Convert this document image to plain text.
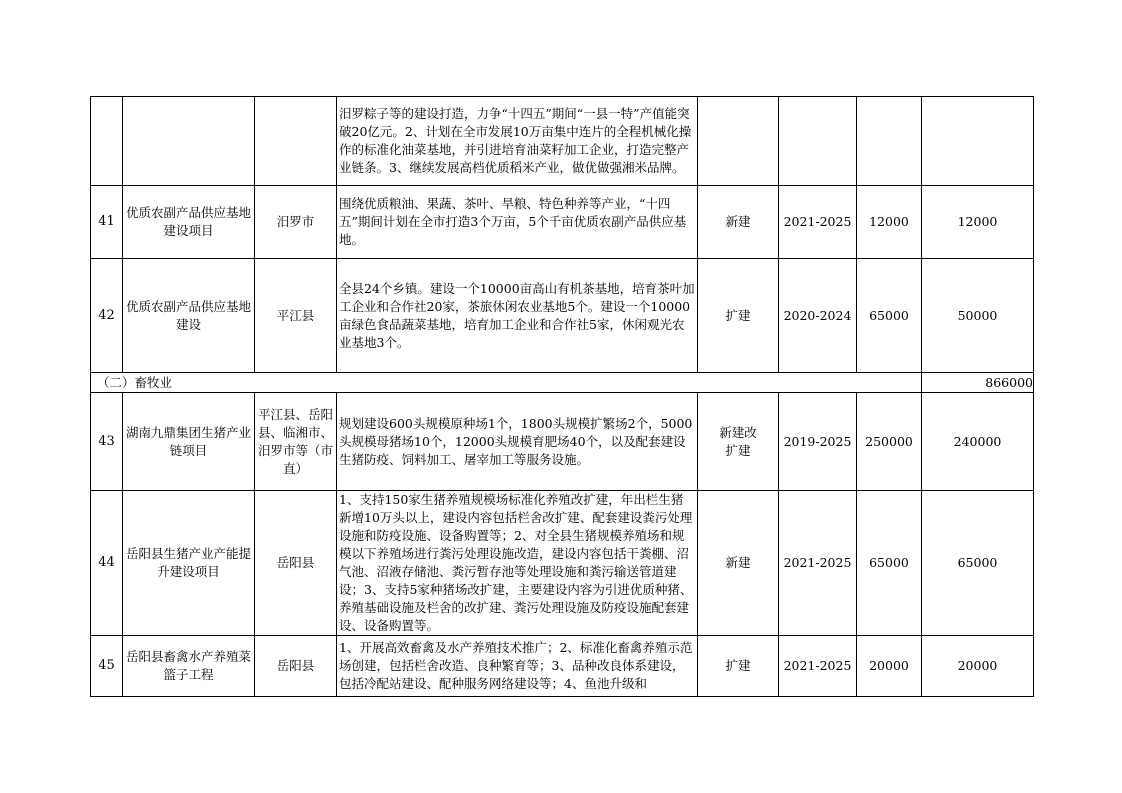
			汨罗粽子等的建设打造，力争“十四五”期间“一县一特”产值能突破20亿元。2、计划在全市发展10万亩集中连片的全程机械化操作的标准化油菜基地，并引进培育油菜籽加工企业，打造完整产业链条。3、继续发展高档优质稻米产业，做优做强湘米品牌。				
41	优质农副产品供应基地建设项目	汨罗市	围绕优质粮油、果蔬、茶叶、旱粮、特色种养等产业，“十四五”期间计划在全市打造3个万亩，5个千亩优质农副产品供应基地。	新建	2021-2025	12000	12000
42	优质农副产品供应基地建设	平江县	全县24个乡镇。建设一个10000亩高山有机茶基地，培育茶叶加工企业和合作社20家，茶旅休闲农业基地5个。建设一个10000亩绿色食品蔬菜基地，培育加工企业和合作社5家，休闲观光农业基地3个。	扩建	2020-2024	65000	50000
（二）畜牧业							866000
43	湖南九鼎集团生猪产业链项目	平江县、岳阳县、临湘市、汨罗市等（市直）	规划建设600头规模原种场1个，1800头规模扩繁场2个，5000头规模母猪场10个，12000头规模育肥场40个，以及配套建设生猪防疫、饲料加工、屠宰加工等服务设施。	新建改扩建	2019-2025	250000	240000
44	岳阳县生猪产业产能提升建设项目	岳阳县	1、支持150家生猪养殖规模场标准化养殖改扩建，年出栏生猪新增10万头以上，建设内容包括栏舍改扩建、配套建设粪污处理设施和防疫设施、设备购置等；2、对全县生猪规模养殖场和规模以下养殖场进行粪污处理设施改造，建设内容包括干粪棚、沼气池、沼液存储池、粪污暂存池等处理设施和粪污输送管道建设；3、支持5家种猪场改扩建，主要建设内容为引进优质种猪、养殖基础设施及栏舍的改扩建、粪污处理设施及防疫设施配套建设、设备购置等。	新建	2021-2025	65000	65000
45	岳阳县畜禽水产养殖菜篮子工程	岳阳县	1、开展高效畜禽及水产养殖技术推广；2、标准化畜禽养殖示范场创建，包括栏舍改造、良种繁育等；3、品种改良体系建设，包括冷配站建设、配种服务网络建设等；4、鱼池升级和	扩建	2021-2025	20000	20000
